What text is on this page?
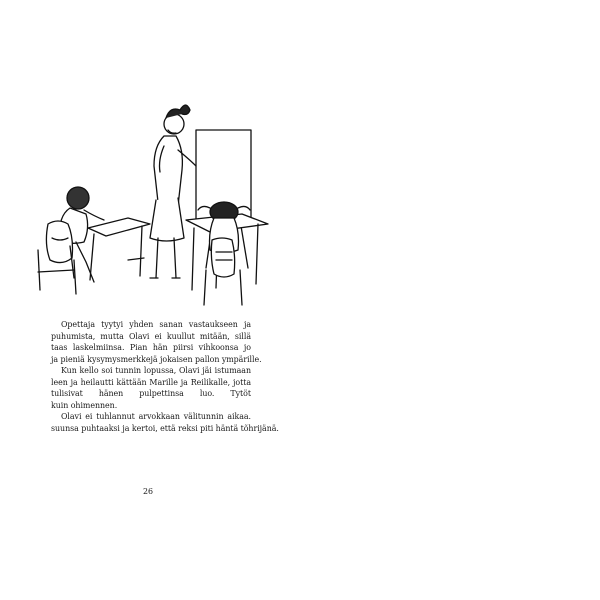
Opettaja tyytyi yhden sanan vastaukseen ja
puhumista, mutta Olavi ei kuullut mitään, sillä
taas laskelmiinsa. Pian hän piirsi vihkoonsa jo
ja pieniä kysymysmerkkejä jokaisen pallon ympärille.
Kun kello soi tunnin lopussa, Olavi jäi istumaan
leen ja heilautti kättään Marille ja Reilikalle, jotta
tulisivat hänen pulpettinsa luo. Tytöt
kuin ohimennen.
Olavi ei tuhlannut arvokkaan välitunnin aikaa.
suunsa puhtaaksi ja kertoi, että reksi piti häntä tõhrijänä.
26
